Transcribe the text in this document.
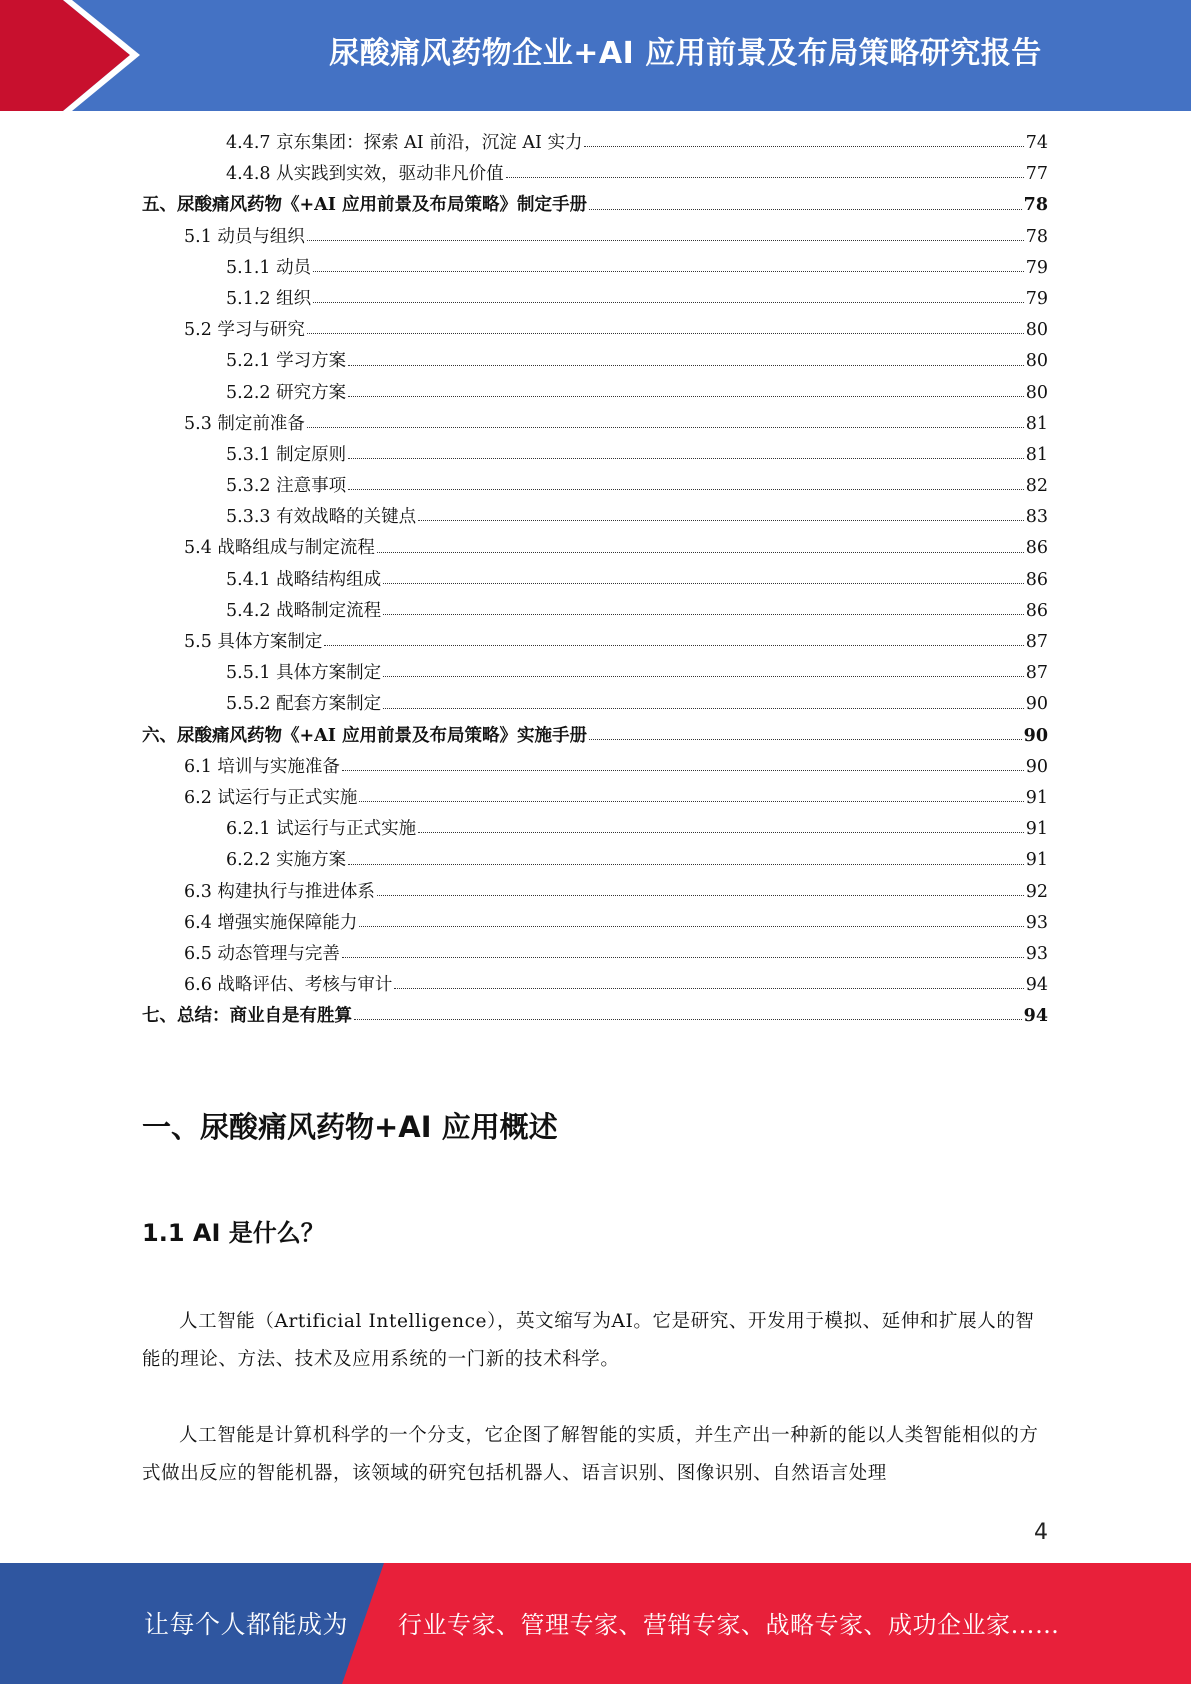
尿酸痛风药物企业+AI 应用前景及布局策略研究报告
4.4.7 京东集团：探索 AI 前沿，沉淀 AI 实力	74
4.4.8 从实践到实效，驱动非凡价值	77
五、尿酸痛风药物《+AI 应用前景及布局策略》制定手册	78
5.1 动员与组织	78
5.1.1 动员	79
5.1.2 组织	79
5.2 学习与研究	80
5.2.1 学习方案	80
5.2.2 研究方案	80
5.3 制定前准备	81
5.3.1 制定原则	81
5.3.2 注意事项	82
5.3.3 有效战略的关键点	83
5.4 战略组成与制定流程	86
5.4.1 战略结构组成	86
5.4.2 战略制定流程	86
5.5 具体方案制定	87
5.5.1 具体方案制定	87
5.5.2 配套方案制定	90
六、尿酸痛风药物《+AI 应用前景及布局策略》实施手册	90
6.1 培训与实施准备	90
6.2 试运行与正式实施	91
6.2.1 试运行与正式实施	91
6.2.2 实施方案	91
6.3 构建执行与推进体系	92
6.4 增强实施保障能力	93
6.5 动态管理与完善	93
6.6 战略评估、考核与审计	94
七、总结：商业自是有胜算	94
一、尿酸痛风药物+AI 应用概述
1.1 AI 是什么？

人工智能（Artificial Intelligence），英文缩写为AI。它是研究、开发用于模拟、延伸和扩展人的智能的理论、方法、技术及应用系统的一门新的技术科学。

人工智能是计算机科学的一个分支，它企图了解智能的实质，并生产出一种新的能以人类智能相似的方式做出反应的智能机器，该领域的研究包括机器人、语言识别、图像识别、自然语言处理

4
让每个人都能成为 行业专家、管理专家、营销专家、战略专家、成功企业家……
